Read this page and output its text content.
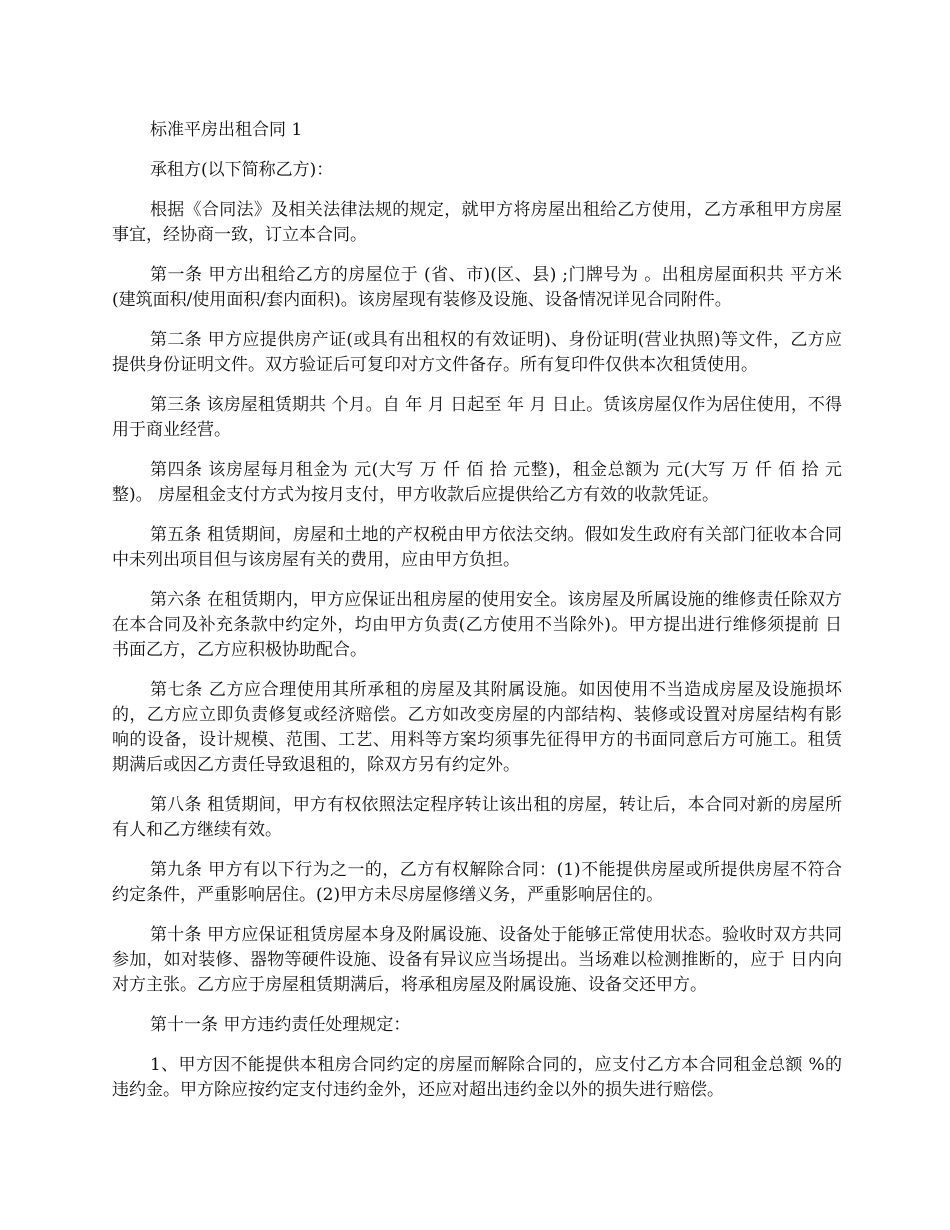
标准平房出租合同 1

承租方(以下简称乙方)：

根据《合同法》及相关法律法规的规定，就甲方将房屋出租给乙方使用，乙方承租甲方房屋事宜，经协商一致，订立本合同。

第一条 甲方出租给乙方的房屋位于 (省、市)(区、县) ;门牌号为 。出租房屋面积共 平方米(建筑面积/使用面积/套内面积)。该房屋现有装修及设施、设备情况详见合同附件。

第二条 甲方应提供房产证(或具有出租权的有效证明)、身份证明(营业执照)等文件，乙方应提供身份证明文件。双方验证后可复印对方文件备存。所有复印件仅供本次租赁使用。

第三条 该房屋租赁期共 个月。自 年 月 日起至 年 月 日止。赁该房屋仅作为居住使用，不得用于商业经营。

第四条 该房屋每月租金为 元(大写 万 仟 佰 拾 元整)，租金总额为 元(大写 万 仟 佰 拾 元整)。 房屋租金支付方式为按月支付，甲方收款后应提供给乙方有效的收款凭证。

第五条 租赁期间，房屋和土地的产权税由甲方依法交纳。假如发生政府有关部门征收本合同中未列出项目但与该房屋有关的费用，应由甲方负担。

第六条 在租赁期内，甲方应保证出租房屋的使用安全。该房屋及所属设施的维修责任除双方在本合同及补充条款中约定外，均由甲方负责(乙方使用不当除外)。甲方提出进行维修须提前 日书面乙方，乙方应积极协助配合。

第七条 乙方应合理使用其所承租的房屋及其附属设施。如因使用不当造成房屋及设施损坏的，乙方应立即负责修复或经济赔偿。乙方如改变房屋的内部结构、装修或设置对房屋结构有影响的设备，设计规模、范围、工艺、用料等方案均须事先征得甲方的书面同意后方可施工。租赁期满后或因乙方责任导致退租的，除双方另有约定外。

第八条 租赁期间，甲方有权依照法定程序转让该出租的房屋，转让后，本合同对新的房屋所有人和乙方继续有效。

第九条 甲方有以下行为之一的，乙方有权解除合同：(1)不能提供房屋或所提供房屋不符合约定条件，严重影响居住。(2)甲方未尽房屋修缮义务，严重影响居住的。

第十条 甲方应保证租赁房屋本身及附属设施、设备处于能够正常使用状态。验收时双方共同参加，如对装修、器物等硬件设施、设备有异议应当场提出。当场难以检测推断的，应于 日内向对方主张。乙方应于房屋租赁期满后，将承租房屋及附属设施、设备交还甲方。

第十一条 甲方违约责任处理规定：

1、甲方因不能提供本租房合同约定的房屋而解除合同的，应支付乙方本合同租金总额 %的违约金。甲方除应按约定支付违约金外，还应对超出违约金以外的损失进行赔偿。
